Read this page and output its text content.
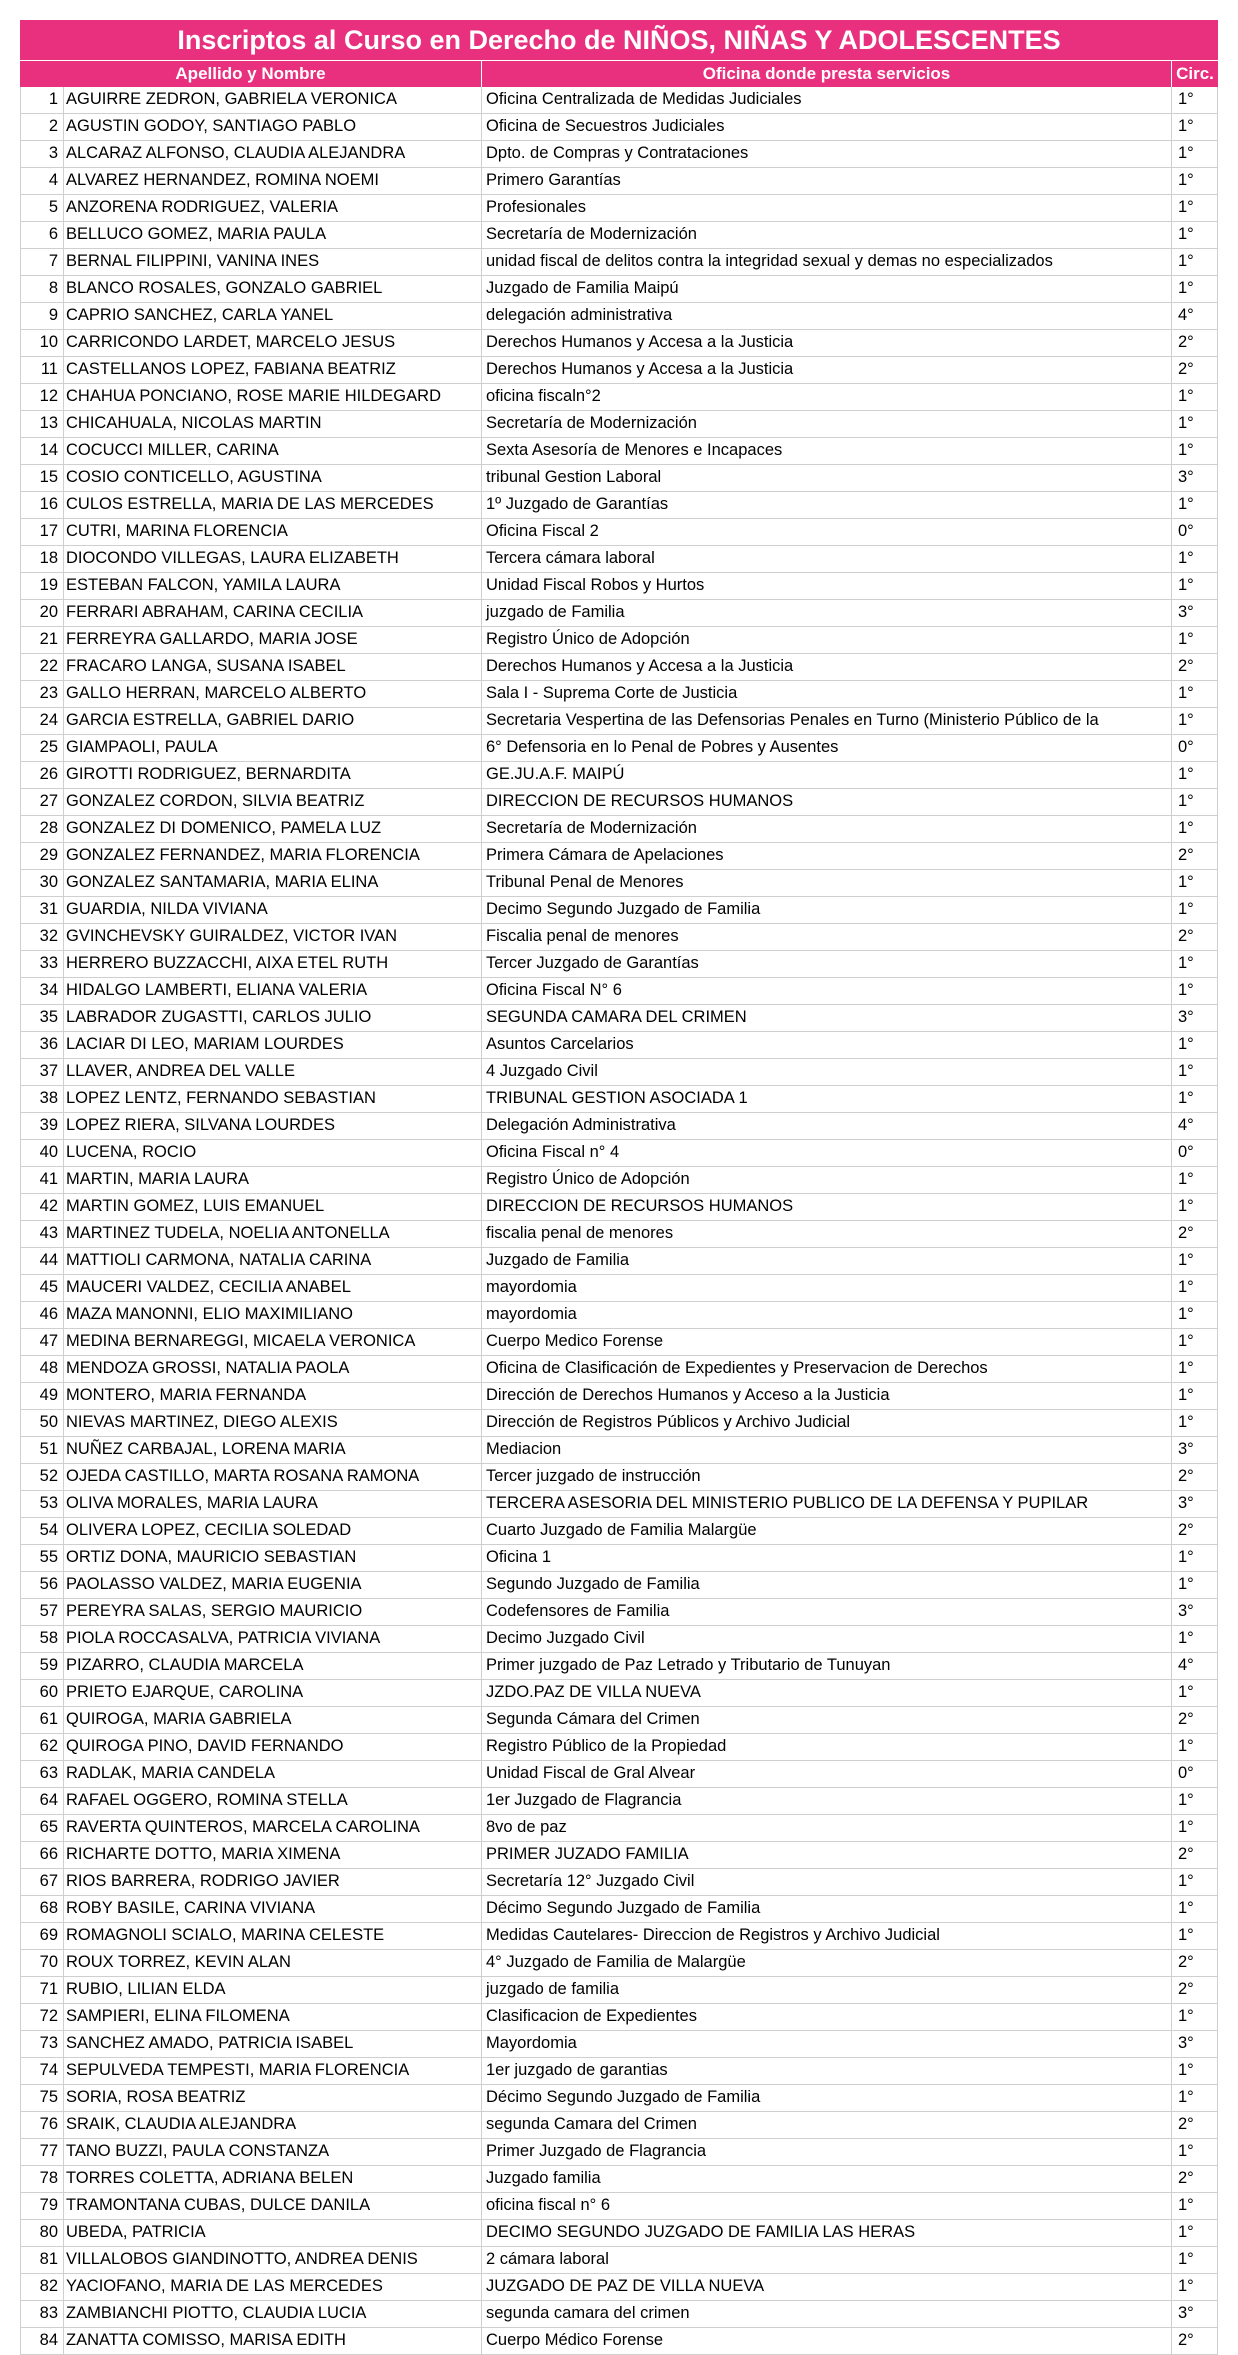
Inscriptos al Curso en Derecho de NIÑOS, NIÑAS Y ADOLESCENTES
Apellido y Nombre	Oficina donde presta servicios	Circ.
1 AGUIRRE ZEDRON, GABRIELA VERONICA	Oficina Centralizada de Medidas Judiciales	1°
2 AGUSTIN GODOY, SANTIAGO PABLO	Oficina de Secuestros Judiciales	1°
3 ALCARAZ ALFONSO, CLAUDIA ALEJANDRA	Dpto. de Compras y Contrataciones	1°
4 ALVAREZ HERNANDEZ, ROMINA NOEMI	Primero Garantías	1°
5 ANZORENA RODRIGUEZ, VALERIA	Profesionales	1°
6 BELLUCO GOMEZ, MARIA PAULA	Secretaría de Modernización	1°
7 BERNAL FILIPPINI, VANINA INES	unidad fiscal de delitos contra la integridad sexual y demas no especializados	1°
8 BLANCO ROSALES, GONZALO GABRIEL	Juzgado de Familia Maipú	1°
9 CAPRIO SANCHEZ, CARLA YANEL	delegación administrativa	4°
10 CARRICONDO LARDET, MARCELO JESUS	Derechos Humanos y Accesa a la Justicia	2°
11 CASTELLANOS LOPEZ, FABIANA BEATRIZ	Derechos Humanos y Accesa a la Justicia	2°
12 CHAHUA PONCIANO, ROSE MARIE HILDEGARD	oficina fiscaln°2	1°
13 CHICAHUALA, NICOLAS MARTIN	Secretaría de Modernización	1°
14 COCUCCI MILLER, CARINA	Sexta Asesoría de Menores e Incapaces	1°
15 COSIO CONTICELLO, AGUSTINA	tribunal Gestion Laboral	3°
16 CULOS ESTRELLA, MARIA DE LAS MERCEDES	1º Juzgado de Garantías	1°
17 CUTRI, MARINA FLORENCIA	Oficina Fiscal 2	0°
18 DIOCONDO VILLEGAS, LAURA ELIZABETH	Tercera cámara laboral	1°
19 ESTEBAN FALCON, YAMILA LAURA	Unidad Fiscal Robos y Hurtos	1°
20 FERRARI ABRAHAM, CARINA CECILIA	juzgado de Familia	3°
21 FERREYRA GALLARDO, MARIA JOSE	Registro Único de Adopción	1°
22 FRACARO LANGA, SUSANA ISABEL	Derechos Humanos y Accesa a la Justicia	2°
23 GALLO HERRAN, MARCELO ALBERTO	Sala I - Suprema Corte de Justicia	1°
24 GARCIA ESTRELLA, GABRIEL DARIO	Secretaria Vespertina de las Defensorias Penales en Turno (Ministerio Público de la	1°
25 GIAMPAOLI, PAULA	6° Defensoria en lo Penal de Pobres y Ausentes	0°
26 GIROTTI RODRIGUEZ, BERNARDITA	GE.JU.A.F. MAIPÚ	1°
27 GONZALEZ CORDON, SILVIA BEATRIZ	DIRECCION DE RECURSOS HUMANOS	1°
28 GONZALEZ DI DOMENICO, PAMELA LUZ	Secretaría de Modernización	1°
29 GONZALEZ FERNANDEZ, MARIA FLORENCIA	Primera Cámara de Apelaciones	2°
30 GONZALEZ SANTAMARIA, MARIA ELINA	Tribunal Penal de Menores	1°
31 GUARDIA, NILDA VIVIANA	Decimo Segundo Juzgado de Familia	1°
32 GVINCHEVSKY GUIRALDEZ, VICTOR IVAN	Fiscalia penal de menores	2°
33 HERRERO BUZZACCHI, AIXA ETEL RUTH	Tercer Juzgado de Garantías	1°
34 HIDALGO LAMBERTI, ELIANA VALERIA	Oficina Fiscal N° 6	1°
35 LABRADOR ZUGASTTI, CARLOS JULIO	SEGUNDA CAMARA DEL CRIMEN	3°
36 LACIAR DI LEO, MARIAM LOURDES	Asuntos Carcelarios	1°
37 LLAVER, ANDREA DEL VALLE	4 Juzgado Civil	1°
38 LOPEZ LENTZ, FERNANDO SEBASTIAN	TRIBUNAL GESTION ASOCIADA 1	1°
39 LOPEZ RIERA, SILVANA LOURDES	Delegación Administrativa	4°
40 LUCENA, ROCIO	Oficina Fiscal n° 4	0°
41 MARTIN, MARIA LAURA	Registro Único de Adopción	1°
42 MARTIN GOMEZ, LUIS EMANUEL	DIRECCION DE RECURSOS HUMANOS	1°
43 MARTINEZ TUDELA, NOELIA ANTONELLA	fiscalia penal de menores	2°
44 MATTIOLI CARMONA, NATALIA CARINA	Juzgado de Familia	1°
45 MAUCERI VALDEZ, CECILIA ANABEL	mayordomia	1°
46 MAZA MANONNI, ELIO MAXIMILIANO	mayordomia	1°
47 MEDINA BERNAREGGI, MICAELA VERONICA	Cuerpo Medico Forense	1°
48 MENDOZA GROSSI, NATALIA PAOLA	Oficina de Clasificación de Expedientes y Preservacion de Derechos	1°
49 MONTERO, MARIA FERNANDA	Dirección de Derechos Humanos y Acceso a la Justicia	1°
50 NIEVAS MARTINEZ, DIEGO ALEXIS	Dirección de Registros Públicos y Archivo Judicial	1°
51 NUÑEZ CARBAJAL, LORENA MARIA	Mediacion	3°
52 OJEDA CASTILLO, MARTA ROSANA RAMONA	Tercer juzgado de instrucción	2°
53 OLIVA MORALES, MARIA LAURA	TERCERA ASESORIA DEL MINISTERIO PUBLICO DE LA DEFENSA Y PUPILAR	3°
54 OLIVERA LOPEZ, CECILIA SOLEDAD	Cuarto Juzgado de Familia Malargüe	2°
55 ORTIZ DONA, MAURICIO SEBASTIAN	Oficina 1	1°
56 PAOLASSO VALDEZ, MARIA EUGENIA	Segundo Juzgado de Familia	1°
57 PEREYRA SALAS, SERGIO MAURICIO	Codefensores de Familia	3°
58 PIOLA ROCCASALVA, PATRICIA VIVIANA	Decimo Juzgado Civil	1°
59 PIZARRO, CLAUDIA MARCELA	Primer juzgado de Paz Letrado y Tributario de Tunuyan	4°
60 PRIETO EJARQUE, CAROLINA	JZDO.PAZ DE VILLA NUEVA	1°
61 QUIROGA, MARIA GABRIELA	Segunda Cámara del Crimen	2°
62 QUIROGA PINO, DAVID FERNANDO	Registro Público de la Propiedad	1°
63 RADLAK, MARIA CANDELA	Unidad Fiscal de Gral Alvear	0°
64 RAFAEL OGGERO, ROMINA STELLA	1er Juzgado de Flagrancia	1°
65 RAVERTA QUINTEROS, MARCELA CAROLINA	8vo de paz	1°
66 RICHARTE DOTTO, MARIA XIMENA	PRIMER JUZADO FAMILIA	2°
67 RIOS BARRERA, RODRIGO JAVIER	Secretaría 12° Juzgado Civil	1°
68 ROBY BASILE, CARINA VIVIANA	Décimo Segundo Juzgado de Familia	1°
69 ROMAGNOLI SCIALO, MARINA CELESTE	Medidas Cautelares- Direccion de Registros y Archivo Judicial	1°
70 ROUX TORREZ, KEVIN ALAN	4° Juzgado de Familia de Malargüe	2°
71 RUBIO, LILIAN ELDA	juzgado de familia	2°
72 SAMPIERI, ELINA FILOMENA	Clasificacion de Expedientes	1°
73 SANCHEZ AMADO, PATRICIA ISABEL	Mayordomia	3°
74 SEPULVEDA TEMPESTI, MARIA FLORENCIA	1er juzgado de garantias	1°
75 SORIA, ROSA BEATRIZ	Décimo Segundo Juzgado de Familia	1°
76 SRAIK, CLAUDIA ALEJANDRA	segunda Camara del Crimen	2°
77 TANO BUZZI, PAULA CONSTANZA	Primer Juzgado de Flagrancia	1°
78 TORRES COLETTA, ADRIANA BELEN	Juzgado familia	2°
79 TRAMONTANA CUBAS, DULCE DANILA	oficina fiscal n° 6	1°
80 UBEDA, PATRICIA	DECIMO SEGUNDO JUZGADO DE FAMILIA LAS HERAS	1°
81 VILLALOBOS GIANDINOTTO, ANDREA DENIS	2 cámara laboral	1°
82 YACIOFANO, MARIA DE LAS MERCEDES	JUZGADO DE PAZ DE VILLA NUEVA	1°
83 ZAMBIANCHI PIOTTO, CLAUDIA LUCIA	segunda camara del crimen	3°
84 ZANATTA COMISSO, MARISA EDITH	Cuerpo Médico Forense	2°
